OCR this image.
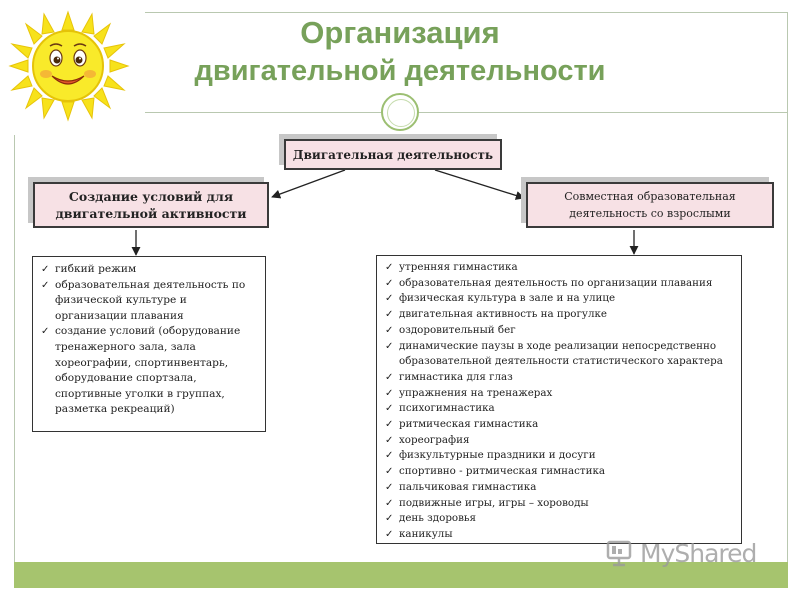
Организация
двигательной деятельности
Двигательная деятельность
Создание условий для двигательной активности
Совместная образовательная деятельность со взрослыми
✓ гибкий режим
✓ образовательная деятельность по физической культуре и организации плавания
✓ создание условий (оборудование тренажерного зала, зала хореографии, спортинвентарь, оборудование спортзала, спортивные уголки в группах, разметка рекреаций)
✓ утренняя гимнастика
✓ образовательная деятельность по организации плавания
✓ физическая культура в зале и на улице
✓ двигательная активность на прогулке
✓ оздоровительный бег
✓ динамические паузы в ходе реализации непосредственно образовательной деятельности статистического характера
✓ гимнастика для глаз
✓ упражнения на тренажерах
✓ психогимнастика
✓ ритмическая гимнастика
✓ хореография
✓ физкультурные праздники и досуги
✓ спортивно - ритмическая гимнастика
✓ пальчиковая гимнастика
✓ подвижные игры, игры – хороводы
✓ день здоровья
✓ каникулы
MyShared
